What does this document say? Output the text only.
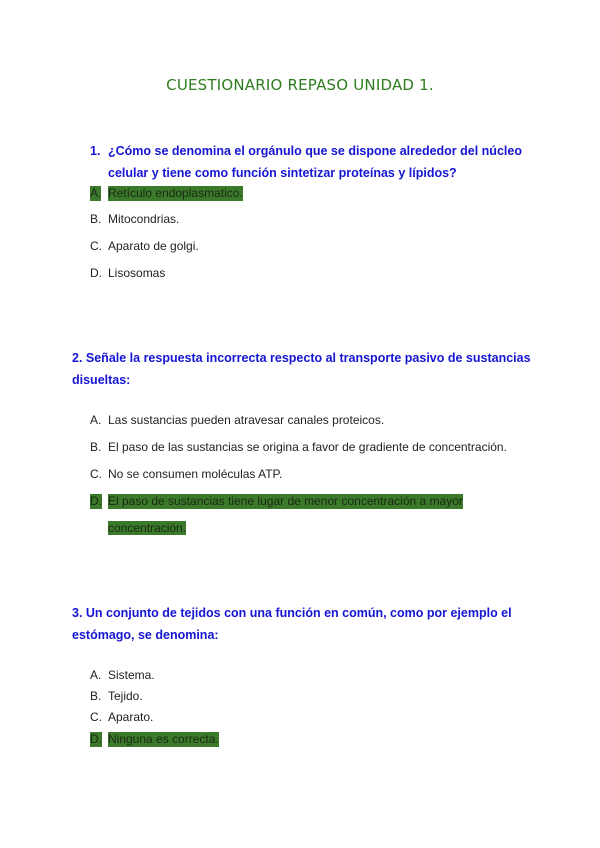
CUESTIONARIO REPASO UNIDAD 1.
1. ¿Cómo se denomina el orgánulo que se dispone alrededor del núcleo
celular y tiene como función sintetizar proteínas y lípidos?
A. Retículo endoplasmatico.
B. Mitocondrias.
C. Aparato de golgi.
D. Lisosomas
2. Señale la respuesta incorrecta respecto al transporte pasivo de sustancias
disueltas:
A. Las sustancias pueden atravesar canales proteicos.
B. El paso de las sustancias se origina a favor de gradiente de concentración.
C. No se consumen moléculas ATP.
D. El paso de sustancias tiene lugar de menor concentración a mayor
concentración.
3. Un conjunto de tejidos con una función en común, como por ejemplo el
estómago, se denomina:
A. Sistema.
B. Tejido.
C. Aparato.
D. Ninguna es correcta.
